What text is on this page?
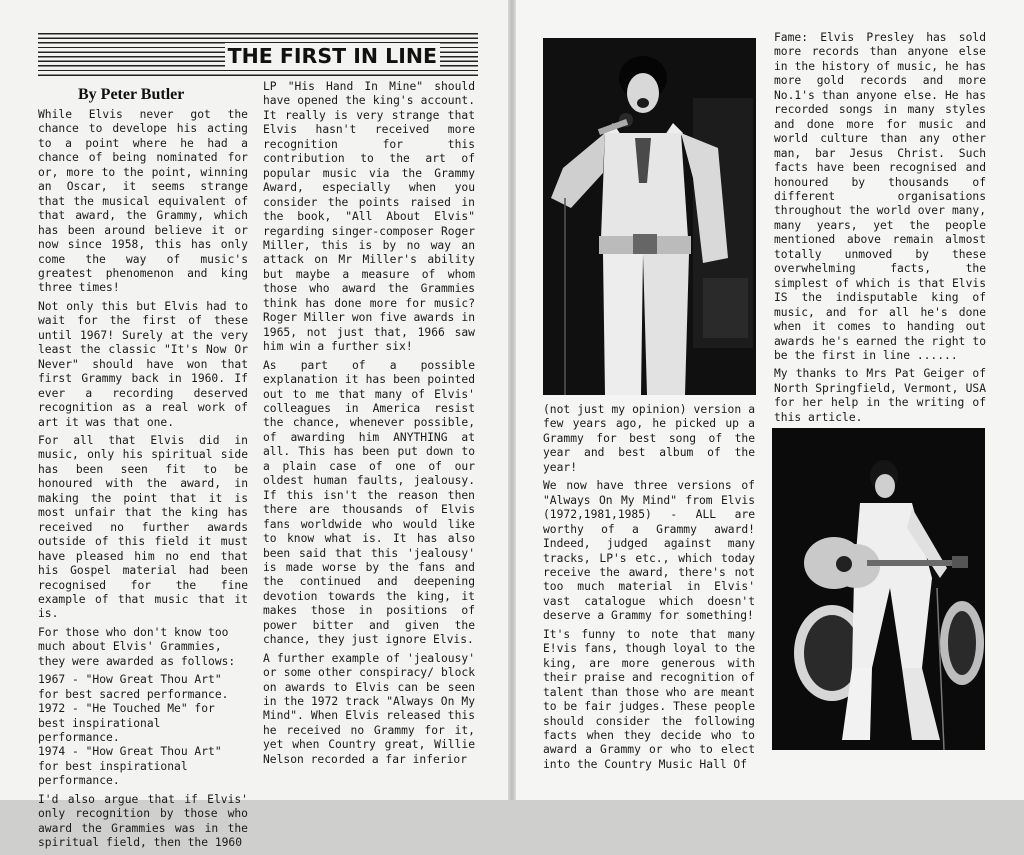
THE FIRST IN LINE
By Peter Butler

While Elvis never got the chance to develope his acting to a point where he had a chance of being nominated for or, more to the point, winning an Oscar, it seems strange that the musical equivalent of that award, the Grammy, which has been around believe it or now since 1958, this has only come the way of music's greatest phenomenon and king three times!

Not only this but Elvis had to wait for the first of these until 1967! Surely at the very least the classic "It's Now Or Never" should have won that first Grammy back in 1960. If ever a recording deserved recognition as a real work of art it was that one.

For all that Elvis did in music, only his spiritual side has been seen fit to be honoured with the award, in making the point that it is most unfair that the king has received no further awards outside of this field it must have pleased him no end that his Gospel material had been recognised for the fine example of that music that it is.

For those who don't know too much about Elvis' Grammies, they were awarded as follows:

1967 - "How Great Thou Art" for best sacred performance.

1972 - "He Touched Me" for best inspirational performance.

1974 - "How Great Thou Art" for best inspirational performance.

I'd also argue that if Elvis' only recognition by those who award the Grammies was in the spiritual field, then the 1960

LP "His Hand In Mine" should have opened the king's account. It really is very strange that Elvis hasn't received more recognition for this contribution to the art of popular music via the Grammy Award, especially when you consider the points raised in the book, "All About Elvis" regarding singer-composer Roger Miller, this is by no way an attack on Mr Miller's ability but maybe a measure of whom those who award the Grammies think has done more for music? Roger Miller won five awards in 1965, not just that, 1966 saw him win a further six!

As part of a possible explanation it has been pointed out to me that many of Elvis' colleagues in America resist the chance, whenever possible, of awarding him ANYTHING at all. This has been put down to a plain case of one of our oldest human faults, jealousy. If this isn't the reason then there are thousands of Elvis fans worldwide who would like to know what is. It has also been said that this 'jealousy' is made worse by the fans and the continued and deepening devotion towards the king, it makes those in positions of power bitter and given the chance, they just ignore Elvis.

A further example of 'jealousy' or some other conspiracy/ block on awards to Elvis can be seen in the 1972 track "Always On My Mind". When Elvis released this he received no Grammy for it, yet when Country great, Willie Nelson recorded a far inferior

(not just my opinion) version a few years ago, he picked up a Grammy for best song of the year and best album of the year!

We now have three versions of "Always On My Mind" from Elvis (1972,1981,1985) - ALL are worthy of a Grammy award! Indeed, judged against many tracks, LP's etc., which today receive the award, there's not too much material in Elvis' vast catalogue which doesn't deserve a Grammy for something!

It's funny to note that many E!vis fans, though loyal to the king, are more generous with their praise and recognition of talent than those who are meant to be fair judges. These people should consider the following facts when they decide who to award a Grammy or who to elect into the Country Music Hall Of

Fame: Elvis Presley has sold more records than anyone else in the history of music, he has more gold records and more No.1's than anyone else. He has recorded songs in many styles and done more for music and world culture than any other man, bar Jesus Christ. Such facts have been recognised and honoured by thousands of different organisations throughout the world over many, many years, yet the people mentioned above remain almost totally unmoved by these overwhelming facts, the simplest of which is that Elvis IS the indisputable king of music, and for all he's done when it comes to handing out awards he's earned the right to be the first in line ......

My thanks to Mrs Pat Geiger of North Springfield, Vermont, USA for her help in the writing of this article.
